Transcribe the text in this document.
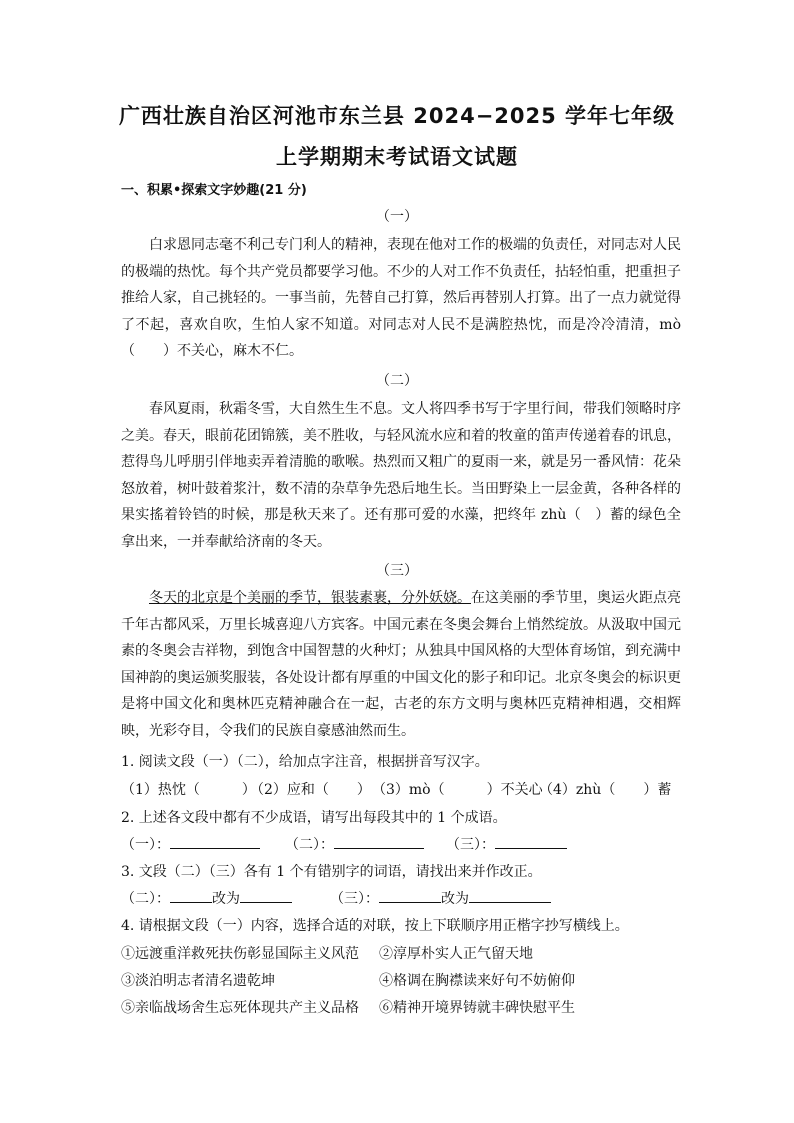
广西壮族自治区河池市东兰县 2024−2025 学年七年级
上学期期末考试语文试题
一、积累•探索文字妙趣(21 分)
（一）
白求恩同志毫不利己专门利人的精神，表现在他对工作的极端的负责任，对同志对人民的极端的热忱。每个共产党员都要学习他。不少的人对工作不负责任，拈轻怕重，把重担子推给人家，自己挑轻的。一事当前，先替自己打算，然后再替别人打算。出了一点力就觉得了不起，喜欢自吹，生怕人家不知道。对同志对人民不是满腔热忱，而是冷冷清清，mò（　　）不关心，麻木不仁。
（二）
春风夏雨，秋霜冬雪，大自然生生不息。文人将四季书写于字里行间，带我们领略时序之美。春天，眼前花团锦簇，美不胜收，与轻风流水应和着的牧童的笛声传递着春的讯息，惹得鸟儿呼朋引伴地卖弄着清脆的歌喉。热烈而又粗广的夏雨一来，就是另一番风情：花朵怒放着，树叶鼓着浆汁，数不清的杂草争先恐后地生长。当田野染上一层金黄，各种各样的果实搖着铃铛的时候，那是秋天来了。还有那可爱的水藻，把终年 zhù（　）蓄的绿色全拿出来，一并奉献给济南的冬天。
（三）
冬天的北京是个美丽的季节，银装素裹，分外妖娆。在这美丽的季节里，奥运火距点亮千年古都风采，万里长城喜迎八方宾客。中国元素在冬奥会舞台上悄然绽放。从汲取中国元素的冬奥会吉祥物，到饱含中国智慧的火种灯；从独具中国风格的大型体育场馆，到充满中国神韵的奥运颁奖服装，各处设计都有厚重的中国文化的影子和印记。北京冬奥会的标识更是将中国文化和奥林匹克精神融合在一起，古老的东方文明与奥林匹克精神相遇，交相辉映，光彩夺目，令我们的民族自豪感油然而生。
1. 阅读文段（一）（二），给加点字注音，根据拼音写汉字。
（1）热忱（　　　）
（2）应和（　　） （3）mò（　　　）不关心
（4）zhù（　　）蓄
2. 上述各文段中都有不少成语，请写出每段其中的 1 个成语。
（一）：	（二）：	（三）：
3. 文段（二）（三）各有 1 个有错别字的词语，请找出来并作改正。
（二）：	改为	（三）：	改为
4. 请根据文段（一）内容，选择合适的对联，按上下联顺序用正楷字抄写横线上。
①远渡重洋救死扶伤彰显国际主义风范 ②淳厚朴实人正气留天地
③淡泊明志者清名遗乾坤	④格调在胸襟读来好句不妨俯仰
⑤亲临战场舍生忘死体现共产主义品格 ⑥精神开境界铸就丰碑快慰平生
